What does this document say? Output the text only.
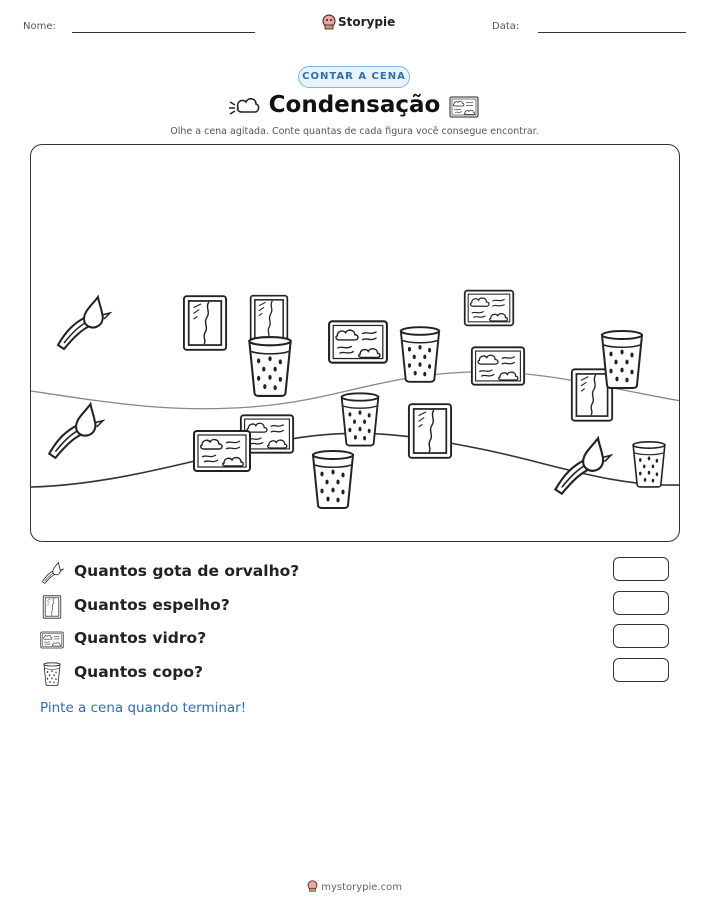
Nome:	Storypie	Data:
CONTAR A CENA
Condensação
Olhe a cena agitada. Conte quantas de cada figura você consegue encontrar.
Quantos gota de orvalho?
Quantos espelho?
Quantos vidro?
Quantos copo?
Pinte a cena quando terminar!
mystorypie.com
